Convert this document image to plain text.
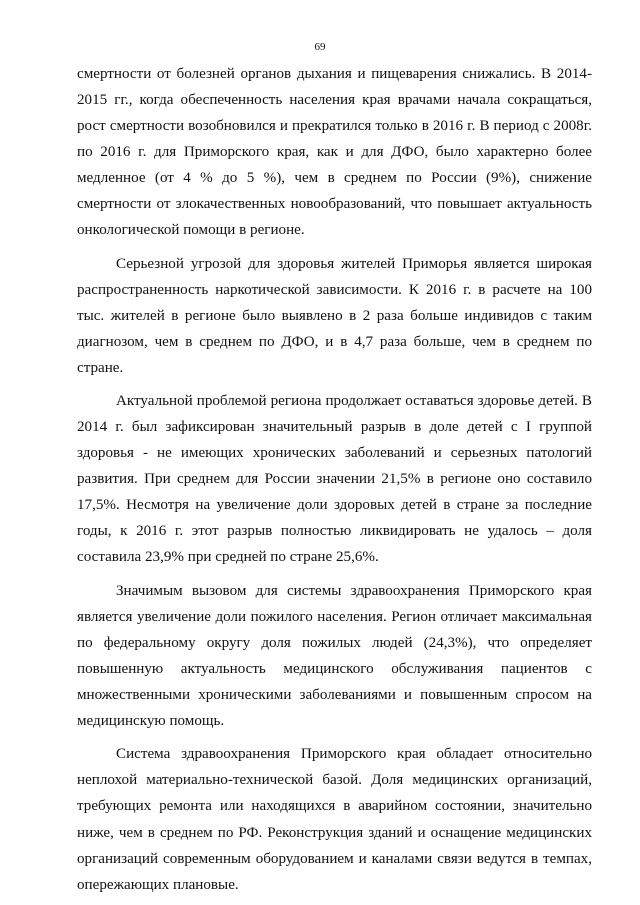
69

смертности от болезней органов дыхания и пищеварения снижались. В 2014-2015 гг., когда обеспеченность населения края врачами начала сокращаться, рост смертности возобновился и прекратился только в 2016 г. В период с 2008г. по 2016 г. для Приморского края, как и для ДФО, было характерно более медленное (от 4 % до 5 %), чем в среднем по России (9%), снижение смертности от злокачественных новообразований, что повышает актуальность онкологической помощи в регионе.

Серьезной угрозой для здоровья жителей Приморья является широкая распространенность наркотической зависимости. К 2016 г. в расчете на 100 тыс. жителей в регионе было выявлено в 2 раза больше индивидов с таким диагнозом, чем в среднем по ДФО, и в 4,7 раза больше, чем в среднем по стране.

Актуальной проблемой региона продолжает оставаться здоровье детей. В 2014 г. был зафиксирован значительный разрыв в доле детей с I группой здоровья - не имеющих хронических заболеваний и серьезных патологий развития. При среднем для России значении 21,5% в регионе оно составило 17,5%. Несмотря на увеличение доли здоровых детей в стране за последние годы, к 2016 г. этот разрыв полностью ликвидировать не удалось – доля составила 23,9% при средней по стране 25,6%.

Значимым вызовом для системы здравоохранения Приморского края является увеличение доли пожилого населения. Регион отличает максимальная по федеральному округу доля пожилых людей (24,3%), что определяет повышенную актуальность медицинского обслуживания пациентов с множественными хроническими заболеваниями и повышенным спросом на медицинскую помощь.

Система здравоохранения Приморского края обладает относительно неплохой материально-технической базой. Доля медицинских организаций, требующих ремонта или находящихся в аварийном состоянии, значительно ниже, чем в среднем по РФ. Реконструкция зданий и оснащение медицинских организаций современным оборудованием и каналами связи ведутся в темпах, опережающих плановые.
